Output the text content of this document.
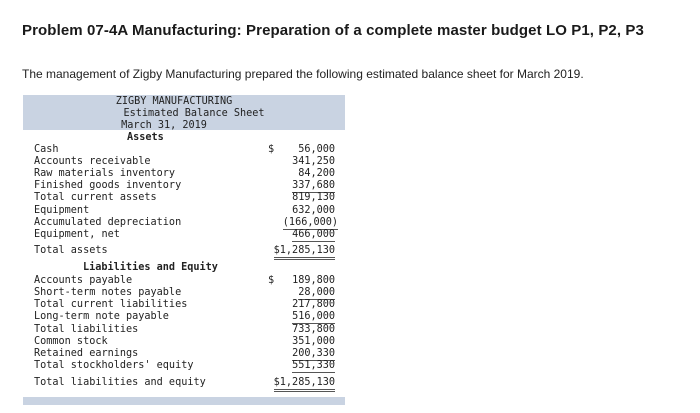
Problem 07-4A Manufacturing: Preparation of a complete master budget LO P1, P2, P3
The management of Zigby Manufacturing prepared the following estimated balance sheet for March 2019.
ZIGBY MANUFACTURING
Estimated Balance Sheet
March 31, 2019
Assets
Cash	$ 56,000
Accounts receivable	341,250
Raw materials inventory	84,200
Finished goods inventory	337,680
Total current assets	819,130
Equipment	632,000
Accumulated depreciation	(166,000)
Equipment, net	466,000
Total assets	$1,285,130
Liabilities and Equity
Accounts payable	$ 189,800
Short-term notes payable	28,000
Total current liabilities	217,800
Long-term note payable	516,000
Total liabilities	733,800
Common stock	351,000
Retained earnings	200,330
Total stockholders' equity	551,330
Total liabilities and equity	$1,285,130
